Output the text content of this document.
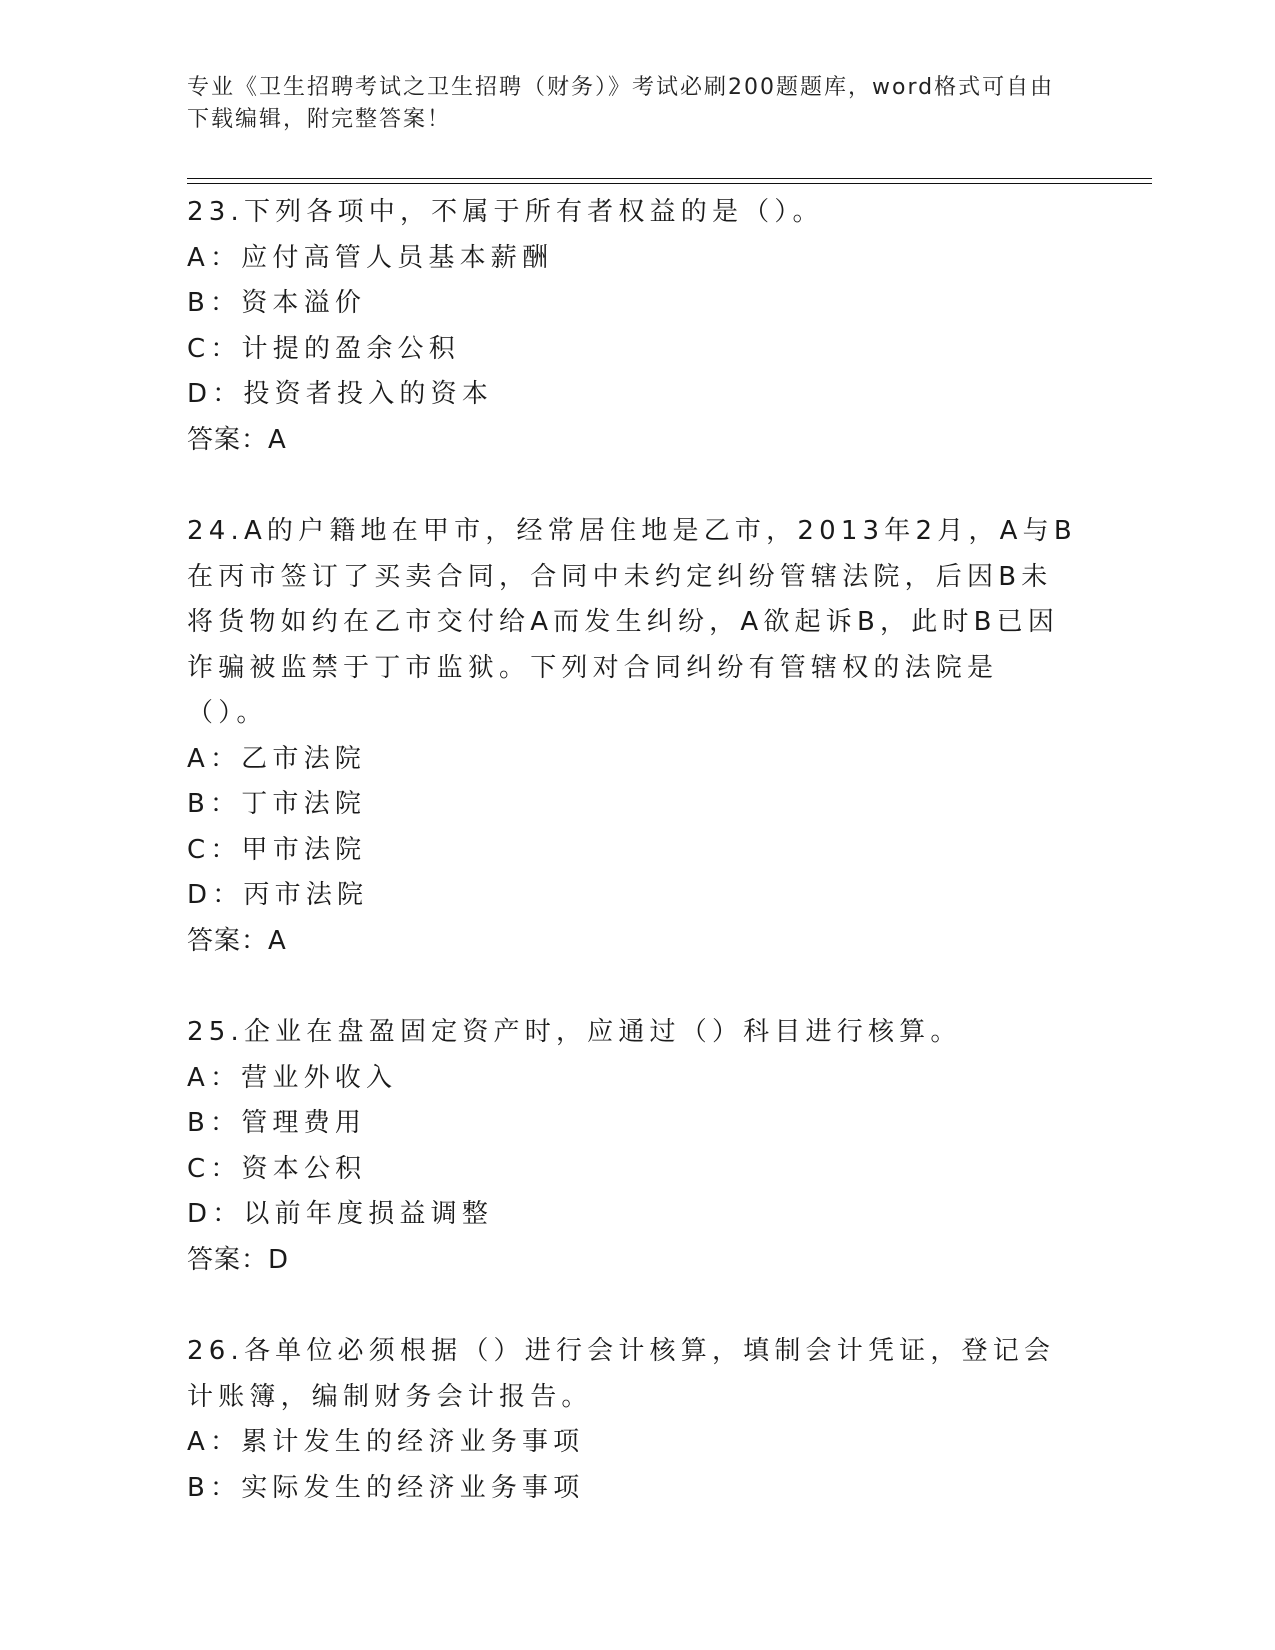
专业《卫生招聘考试之卫生招聘（财务）》考试必刷200题题库，word格式可自由下载编辑，附完整答案！

23.下列各项中，不属于所有者权益的是（）。

A：应付高管人员基本薪酬

B：资本溢价

C：计提的盈余公积

D：投资者投入的资本

答案：A

24.A的户籍地在甲市，经常居住地是乙市，2013年2月，A与B在丙市签订了买卖合同，合同中未约定纠纷管辖法院，后因B未将货物如约在乙市交付给A而发生纠纷，A欲起诉B，此时B已因诈骗被监禁于丁市监狱。下列对合同纠纷有管辖权的法院是（）。

A：乙市法院

B：丁市法院

C：甲市法院

D：丙市法院

答案：A

25.企业在盘盈固定资产时，应通过（）科目进行核算。

A：营业外收入

B：管理费用

C：资本公积

D：以前年度损益调整

答案：D

26.各单位必须根据（）进行会计核算，填制会计凭证，登记会计账簿，编制财务会计报告。

A：累计发生的经济业务事项

B：实际发生的经济业务事项
